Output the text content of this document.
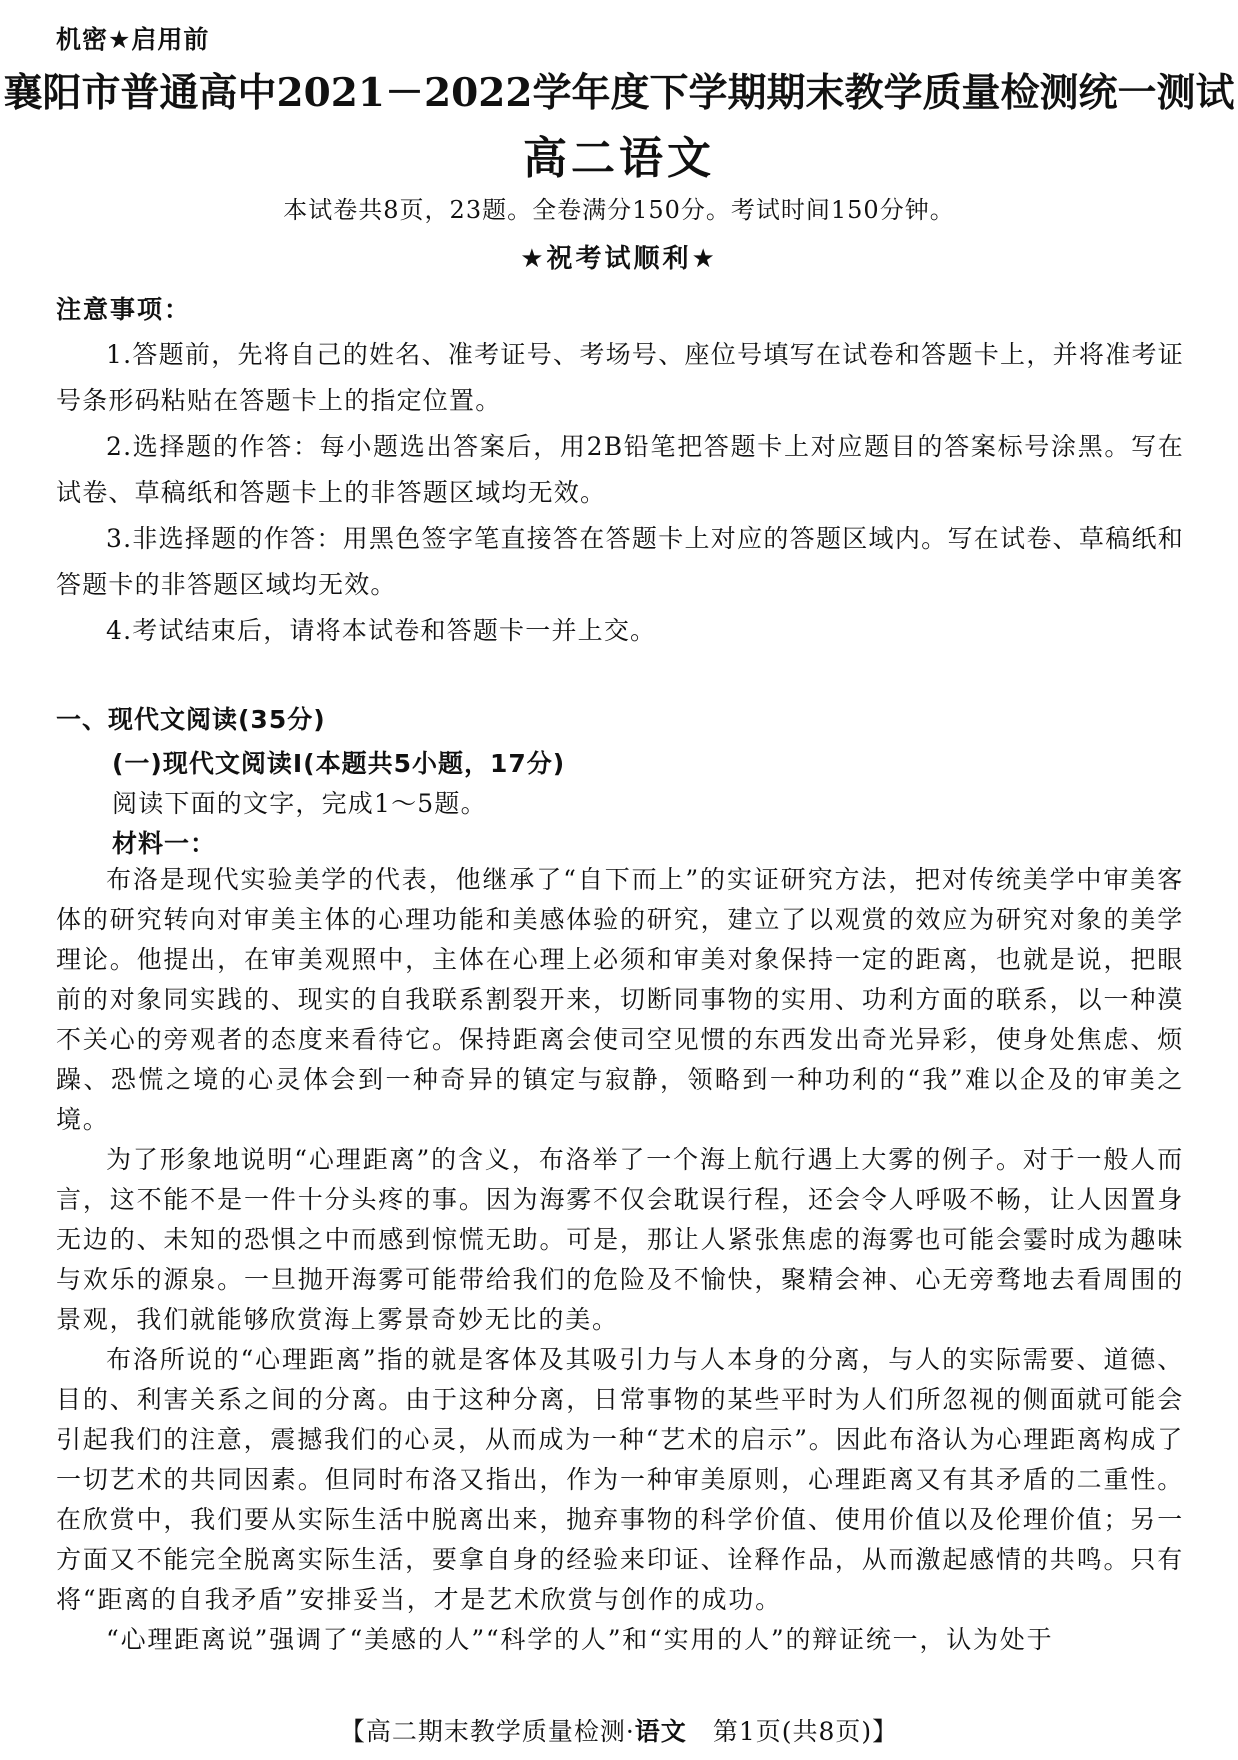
机密★启用前
襄阳市普通高中2021－2022学年度下学期期末教学质量检测统一测试
高二语文
本试卷共8页，23题。全卷满分150分。考试时间150分钟。
★祝考试顺利★
注意事项：

1.答题前，先将自己的姓名、准考证号、考场号、座位号填写在试卷和答题卡上，并将准考证号条形码粘贴在答题卡上的指定位置。

2.选择题的作答：每小题选出答案后，用2B铅笔把答题卡上对应题目的答案标号涂黑。写在试卷、草稿纸和答题卡上的非答题区域均无效。

3.非选择题的作答：用黑色签字笔直接答在答题卡上对应的答题区域内。写在试卷、草稿纸和答题卡的非答题区域均无效。

4.考试结束后，请将本试卷和答题卡一并上交。

一、现代文阅读(35分)
(一)现代文阅读Ⅰ(本题共5小题，17分)
阅读下面的文字，完成1～5题。
材料一：

布洛是现代实验美学的代表，他继承了“自下而上”的实证研究方法，把对传统美学中审美客体的研究转向对审美主体的心理功能和美感体验的研究，建立了以观赏的效应为研究对象的美学理论。他提出，在审美观照中，主体在心理上必须和审美对象保持一定的距离，也就是说，把眼前的对象同实践的、现实的自我联系割裂开来，切断同事物的实用、功利方面的联系，以一种漠不关心的旁观者的态度来看待它。保持距离会使司空见惯的东西发出奇光异彩，使身处焦虑、烦躁、恐慌之境的心灵体会到一种奇异的镇定与寂静，领略到一种功利的“我”难以企及的审美之境。

为了形象地说明“心理距离”的含义，布洛举了一个海上航行遇上大雾的例子。对于一般人而言，这不能不是一件十分头疼的事。因为海雾不仅会耽误行程，还会令人呼吸不畅，让人因置身无边的、未知的恐惧之中而感到惊慌无助。可是，那让人紧张焦虑的海雾也可能会霎时成为趣味与欢乐的源泉。一旦抛开海雾可能带给我们的危险及不愉快，聚精会神、心无旁骛地去看周围的景观，我们就能够欣赏海上雾景奇妙无比的美。

布洛所说的“心理距离”指的就是客体及其吸引力与人本身的分离，与人的实际需要、道德、目的、利害关系之间的分离。由于这种分离，日常事物的某些平时为人们所忽视的侧面就可能会引起我们的注意，震撼我们的心灵，从而成为一种“艺术的启示”。因此布洛认为心理距离构成了一切艺术的共同因素。但同时布洛又指出，作为一种审美原则，心理距离又有其矛盾的二重性。在欣赏中，我们要从实际生活中脱离出来，抛弃事物的科学价值、使用价值以及伦理价值；另一方面又不能完全脱离实际生活，要拿自身的经验来印证、诠释作品，从而激起感情的共鸣。只有将“距离的自我矛盾”安排妥当，才是艺术欣赏与创作的成功。

“心理距离说”强调了“美感的人”“科学的人”和“实用的人”的辩证统一，认为处于

【高二期末教学质量检测·语文  第1页(共8页)】
